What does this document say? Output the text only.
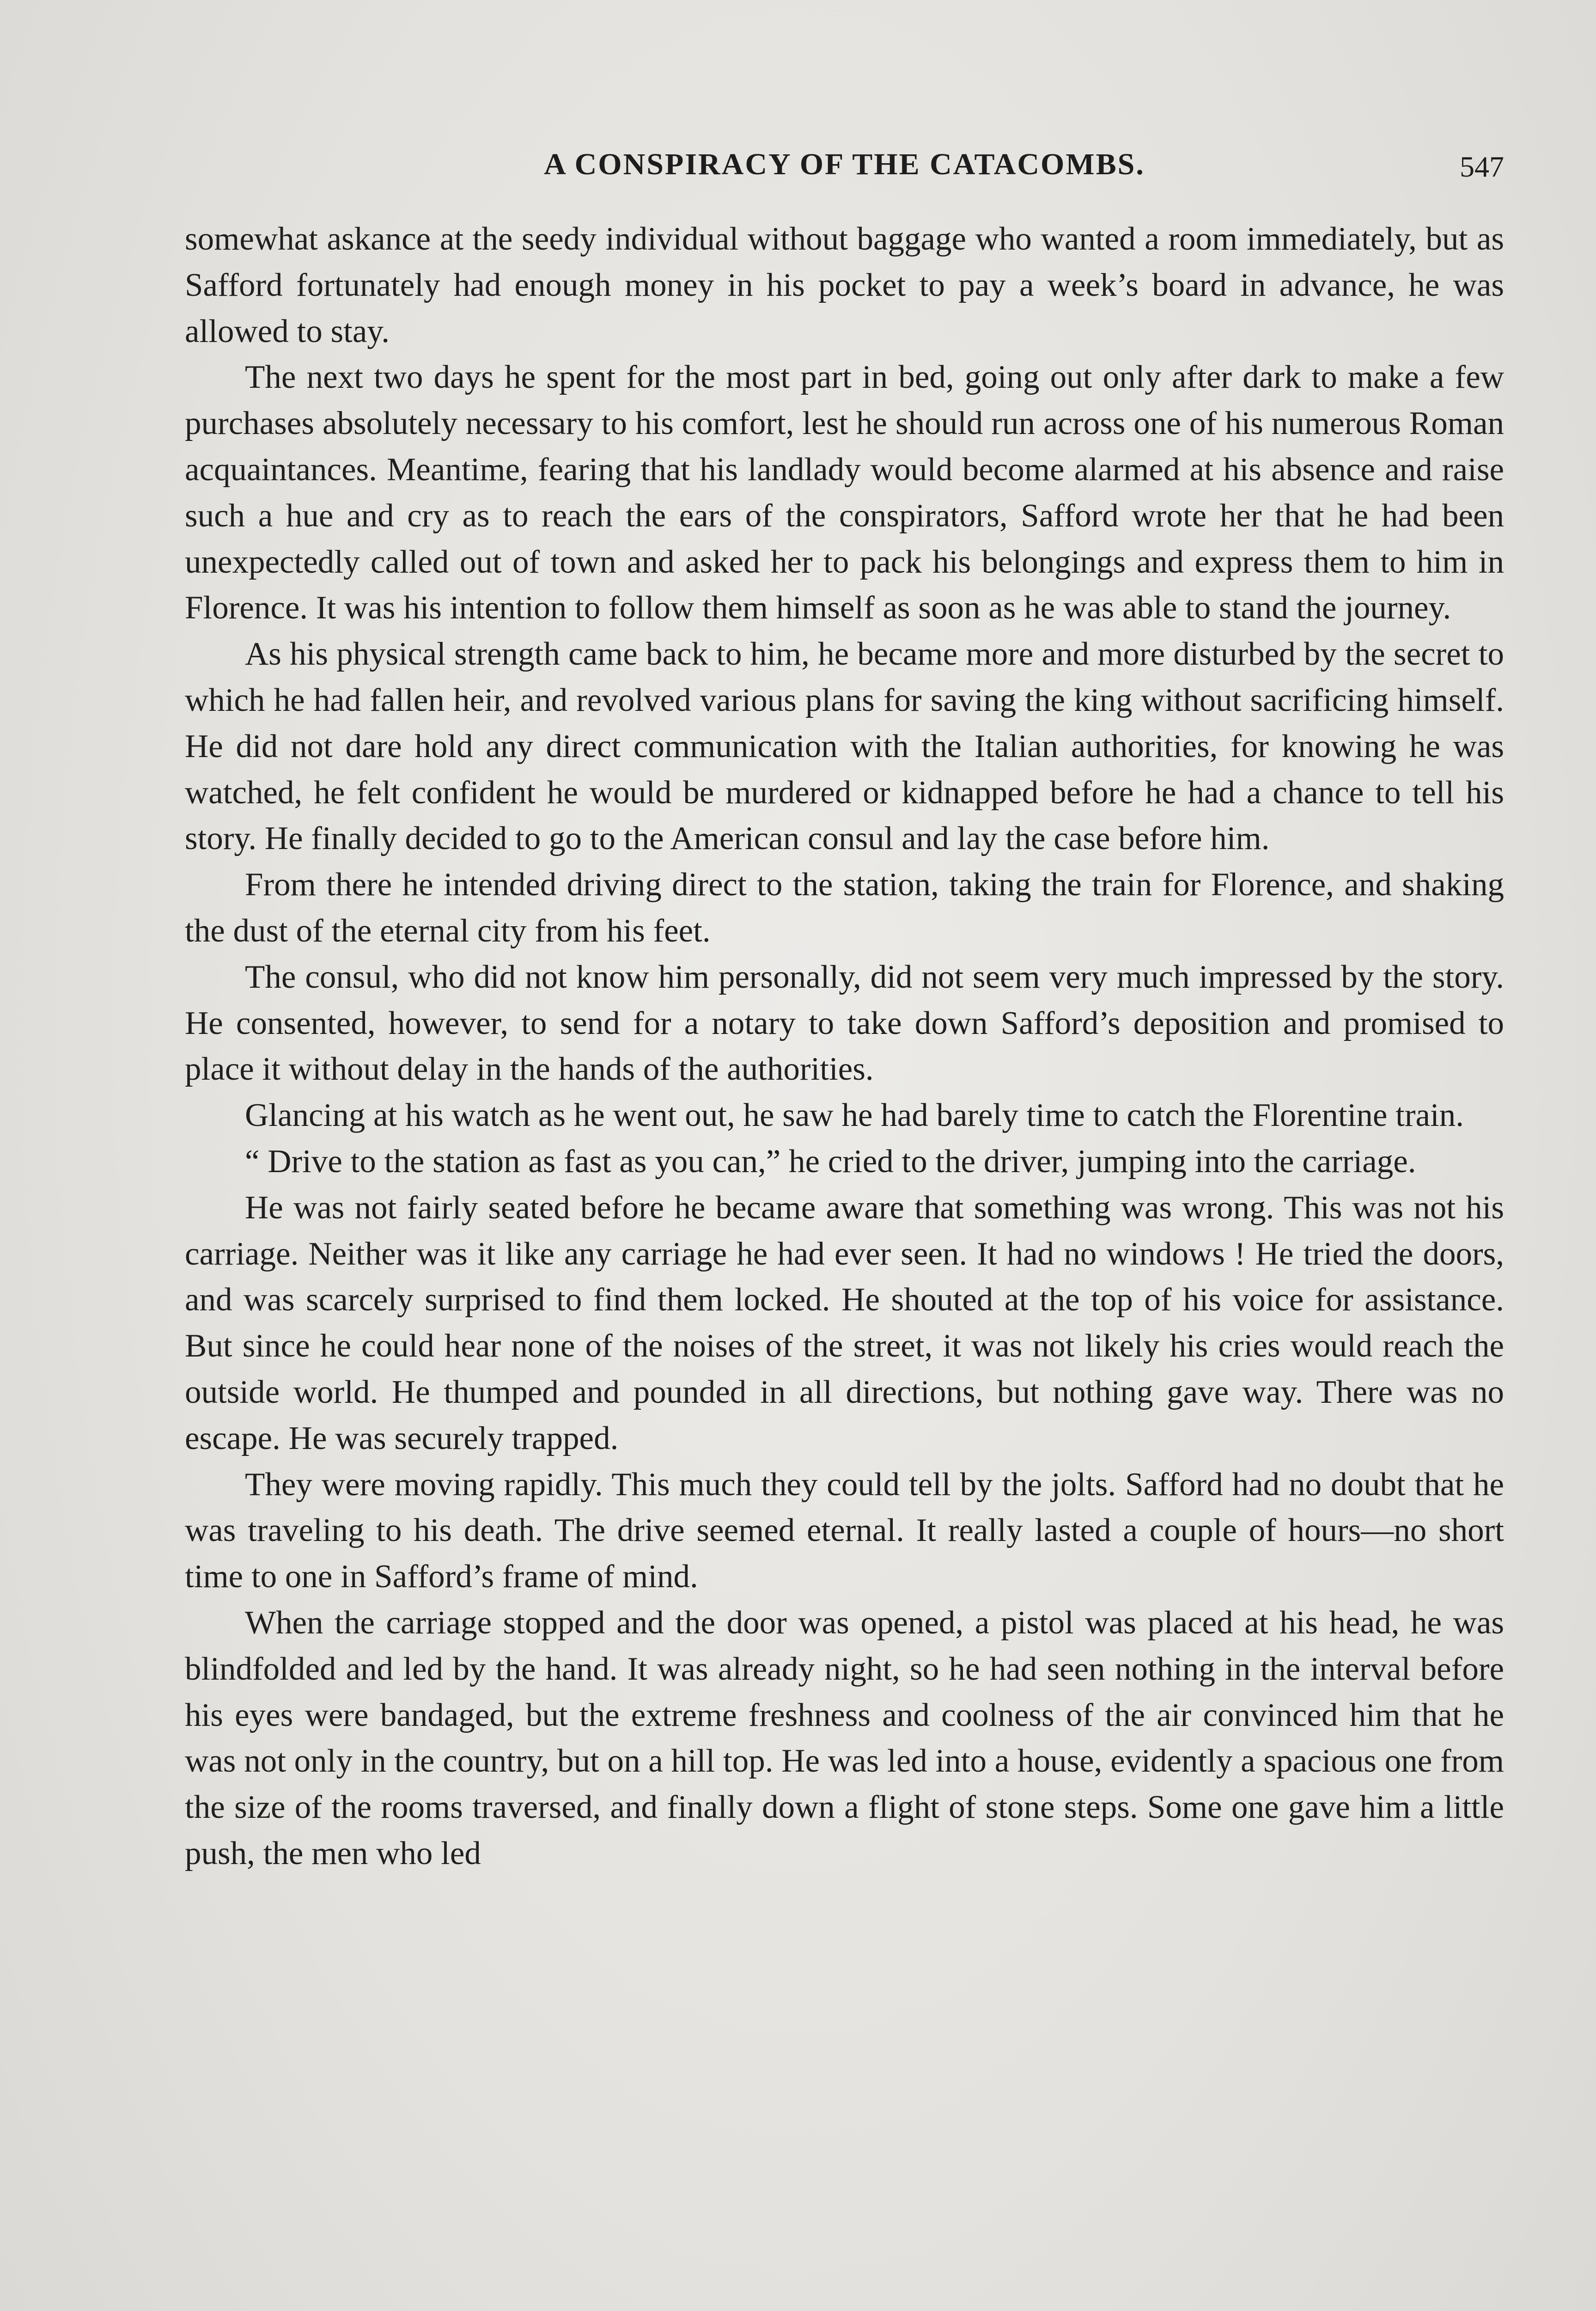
A CONSPIRACY OF THE CATACOMBS.	547

somewhat askance at the seedy individual without baggage who wanted a room immediately, but as Safford fortunately had enough money in his pocket to pay a week’s board in advance, he was allowed to stay.

The next two days he spent for the most part in bed, going out only after dark to make a few purchases absolutely necessary to his comfort, lest he should run across one of his numerous Roman acquaintances. Meantime, fearing that his landlady would become alarmed at his absence and raise such a hue and cry as to reach the ears of the conspirators, Safford wrote her that he had been unexpectedly called out of town and asked her to pack his belongings and express them to him in Florence. It was his intention to follow them himself as soon as he was able to stand the journey.

As his physical strength came back to him, he became more and more disturbed by the secret to which he had fallen heir, and revolved various plans for saving the king without sacrificing himself. He did not dare hold any direct communication with the Italian authorities, for knowing he was watched, he felt confident he would be murdered or kidnapped before he had a chance to tell his story. He finally decided to go to the American consul and lay the case before him.

From there he intended driving direct to the station, taking the train for Florence, and shaking the dust of the eternal city from his feet.

The consul, who did not know him personally, did not seem very much impressed by the story. He consented, however, to send for a notary to take down Safford’s deposition and promised to place it without delay in the hands of the authorities.

Glancing at his watch as he went out, he saw he had barely time to catch the Florentine train.

“ Drive to the station as fast as you can,” he cried to the driver, jumping into the carriage.

He was not fairly seated before he became aware that something was wrong. This was not his carriage. Neither was it like any carriage he had ever seen. It had no windows ! He tried the doors, and was scarcely surprised to find them locked. He shouted at the top of his voice for assistance. But since he could hear none of the noises of the street, it was not likely his cries would reach the outside world. He thumped and pounded in all directions, but nothing gave way. There was no escape. He was securely trapped.

They were moving rapidly. This much they could tell by the jolts. Safford had no doubt that he was traveling to his death. The drive seemed eternal. It really lasted a couple of hours—no short time to one in Safford’s frame of mind.

When the carriage stopped and the door was opened, a pistol was placed at his head, he was blindfolded and led by the hand. It was already night, so he had seen nothing in the interval before his eyes were bandaged, but the extreme freshness and coolness of the air convinced him that he was not only in the country, but on a hill top. He was led into a house, evidently a spacious one from the size of the rooms traversed, and finally down a flight of stone steps. Some one gave him a little push, the men who led
